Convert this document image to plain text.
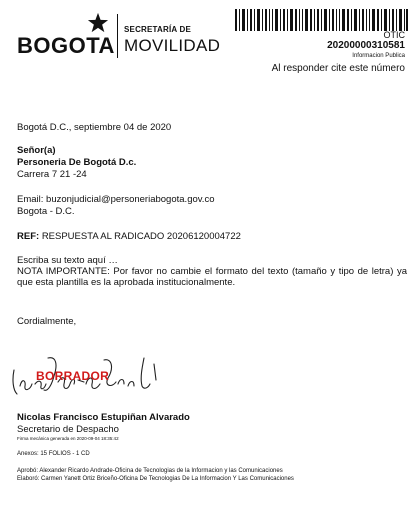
BOGOTA
SECRETARÍA DE
MOVILIDAD
OTIC
20200000310581
Informacion Publica
Al responder cite este número
Bogotá D.C., septiembre 04 de 2020
Señor(a)
Personeria De Bogotá D.c.
Carrera 7 21 -24
Email: buzonjudicial@personeriabogota.gov.co
Bogota - D.C.
REF: RESPUESTA AL RADICADO 20206120004722
Escriba su texto aquí …
NOTA IMPORTANTE: Por favor no cambie el formato del texto (tamaño y tipo de letra) ya que esta plantilla es la aprobada institucionalmente.
Cordialmente,
BORRADOR
Nicolas Francisco Estupiñan Alvarado
Secretario de Despacho
Firma mecánica generada en 2020-09-04 18:35:42
Anexos: 15 FOLIOS - 1 CD
Aprobó: Alexander Ricardo Andrade-Oficina de Tecnologias de la Informacion y las Comunicaciones
Elaboró: Carmen Yanett Ortiz Briceño-Oficina De Tecnologias De La Informacion Y Las Comunicaciones
